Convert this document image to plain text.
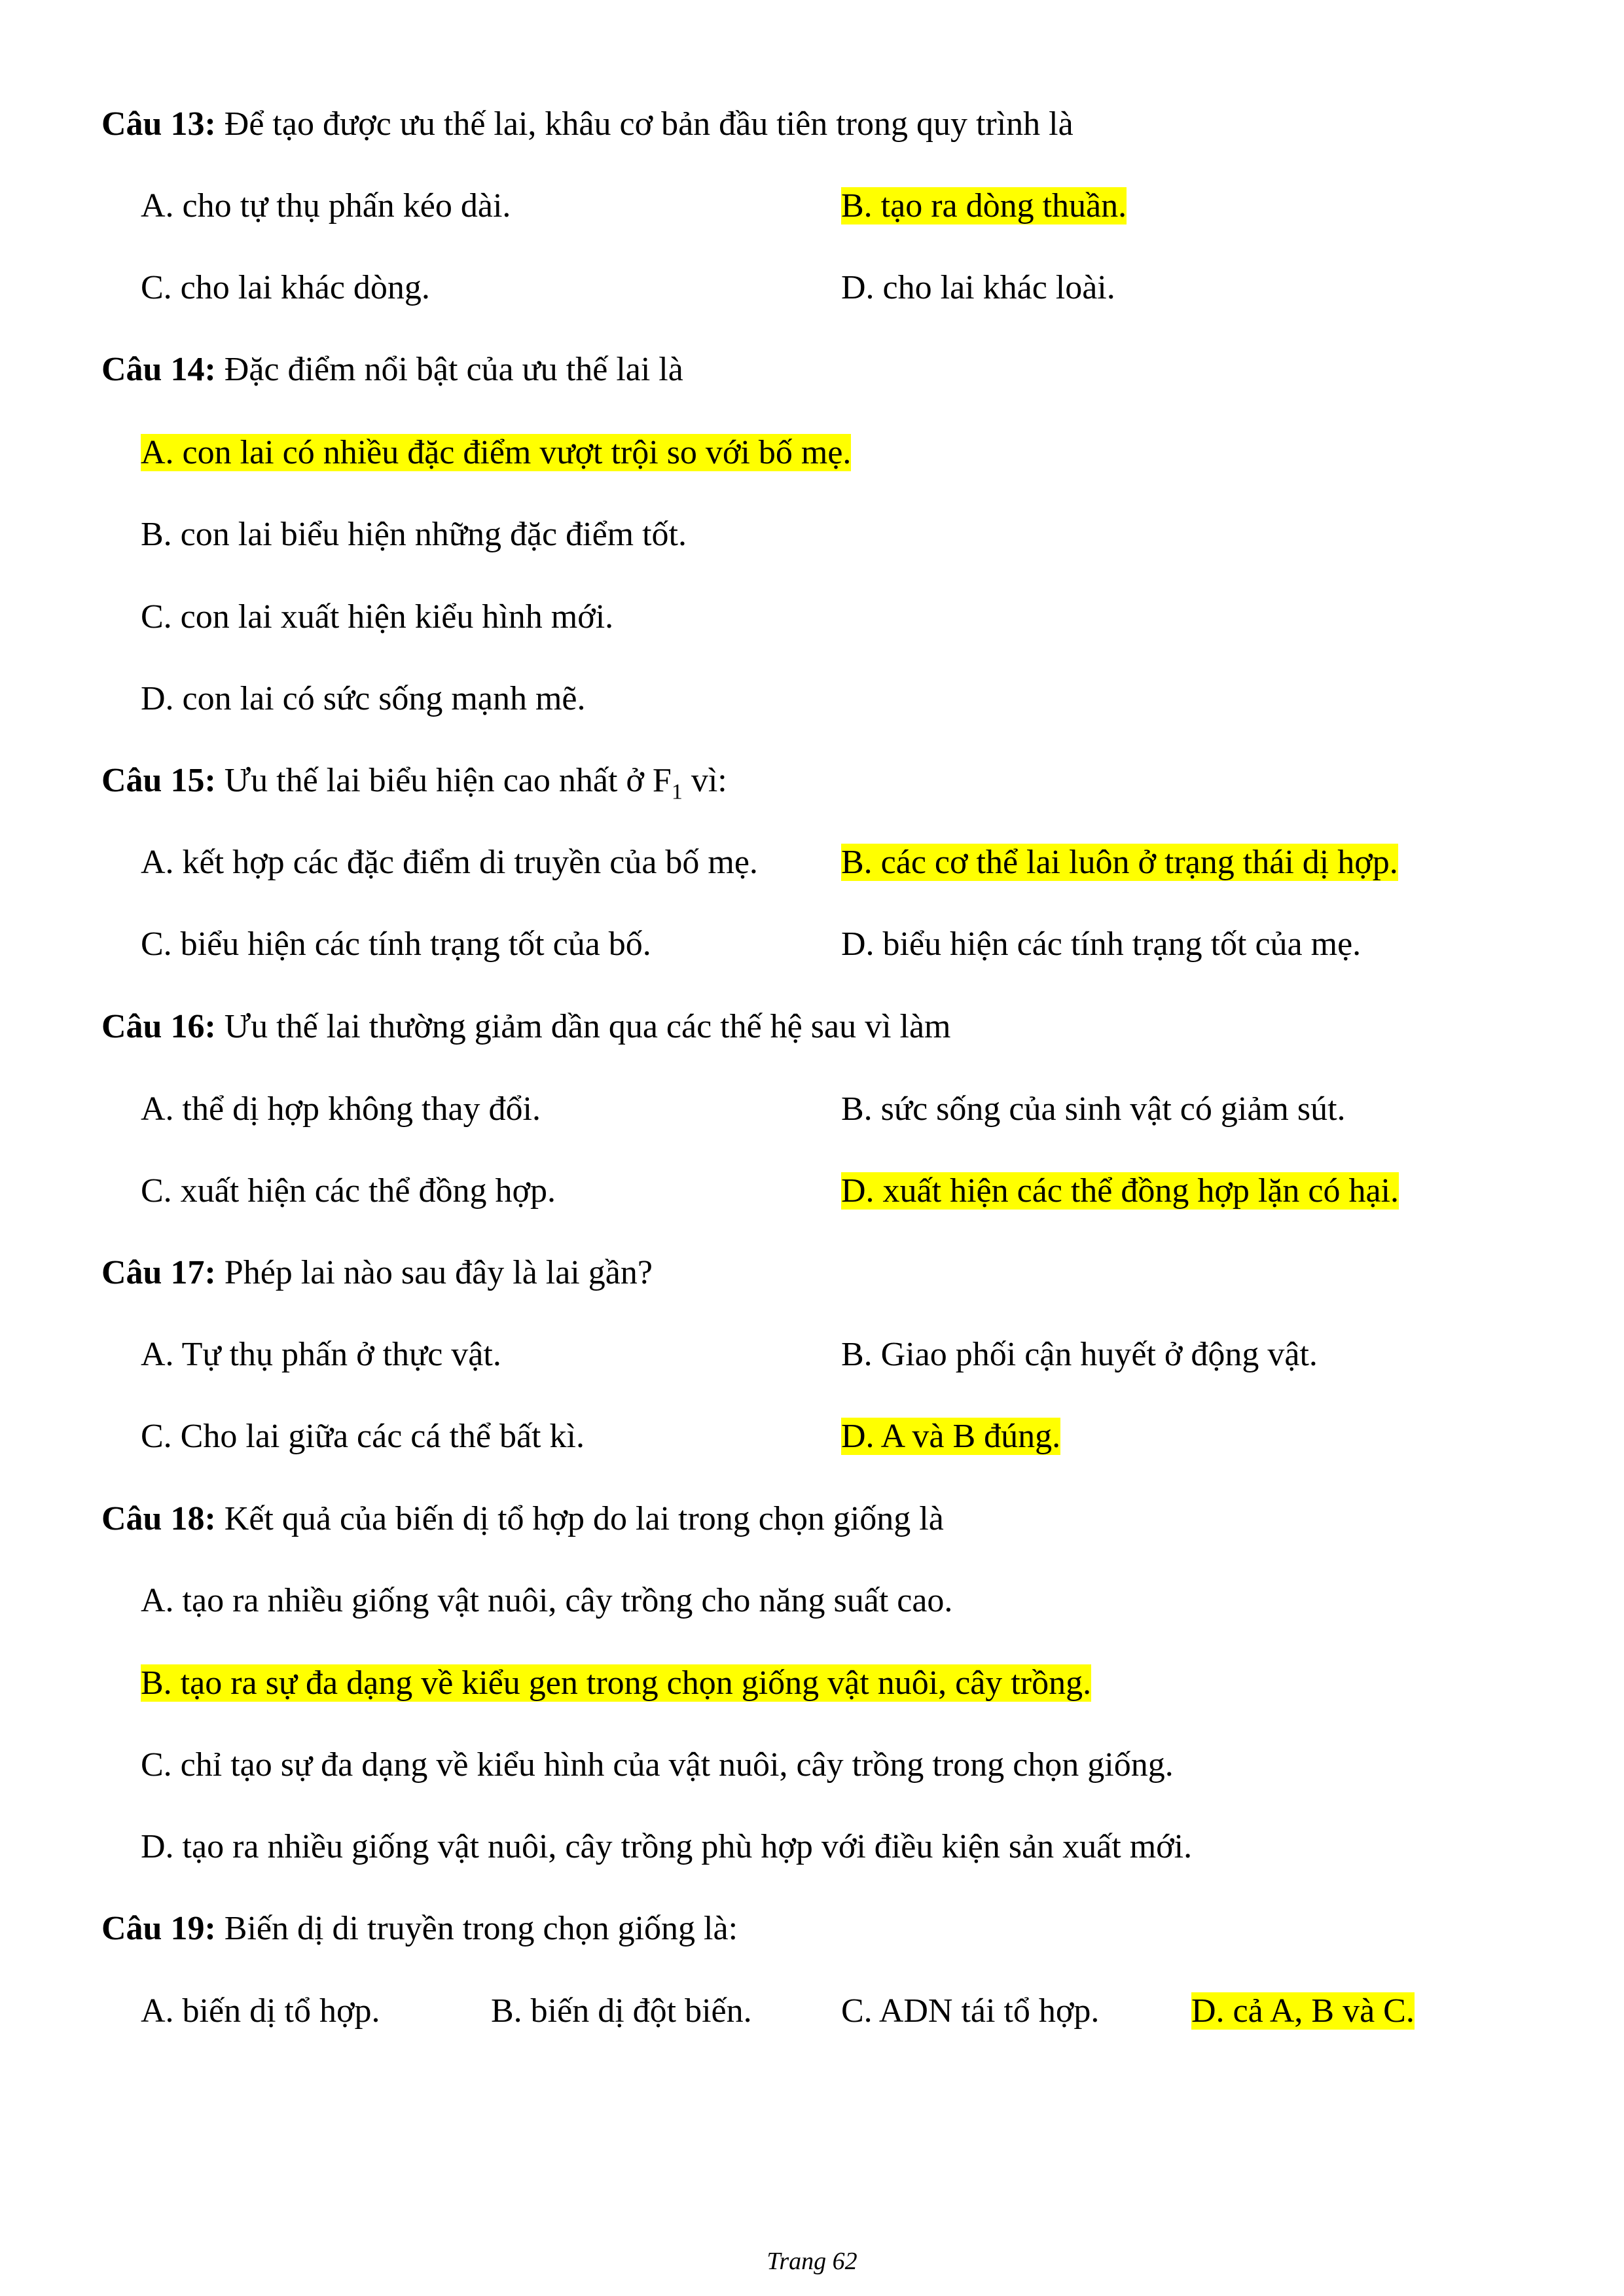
Câu 13: Để tạo được ưu thế lai, khâu cơ bản đầu tiên trong quy trình là
A. cho tự thụ phấn kéo dài.	B. tạo ra dòng thuần.
C. cho lai khác dòng.	D. cho lai khác loài.
Câu 14: Đặc điểm nổi bật của ưu thế lai là
A. con lai có nhiều đặc điểm vượt trội so với bố mẹ.
B. con lai biểu hiện những đặc điểm tốt.
C. con lai xuất hiện kiểu hình mới.
D. con lai có sức sống mạnh mẽ.
Câu 15: Ưu thế lai biểu hiện cao nhất ở $F_1$ vì:
A. kết hợp các đặc điểm di truyền của bố mẹ. B. các cơ thể lai luôn ở trạng thái dị hợp.
C. biểu hiện các tính trạng tốt của bố.	D. biểu hiện các tính trạng tốt của mẹ.
Câu 16: Ưu thế lai thường giảm dần qua các thế hệ sau vì làm
A. thể dị hợp không thay đổi.	B. sức sống của sinh vật có giảm sút.
C. xuất hiện các thể đồng hợp.	D. xuất hiện các thể đồng hợp lặn có hại.
Câu 17: Phép lai nào sau đây là lai gần?
A. Tự thụ phấn ở thực vật.	B. Giao phối cận huyết ở động vật.
C. Cho lai giữa các cá thể bất kì.	D. A và B đúng.
Câu 18: Kết quả của biến dị tổ hợp do lai trong chọn giống là
A. tạo ra nhiều giống vật nuôi, cây trồng cho năng suất cao.
B. tạo ra sự đa dạng về kiểu gen trong chọn giống vật nuôi, cây trồng.
C. chỉ tạo sự đa dạng về kiểu hình của vật nuôi, cây trồng trong chọn giống.
D. tạo ra nhiều giống vật nuôi, cây trồng phù hợp với điều kiện sản xuất mới.
Câu 19: Biến dị di truyền trong chọn giống là:
A. biến dị tổ hợp.	B. biến dị đột biến.	C. ADN tái tổ hợp.	D. cả A, B và C.
Trang 62
